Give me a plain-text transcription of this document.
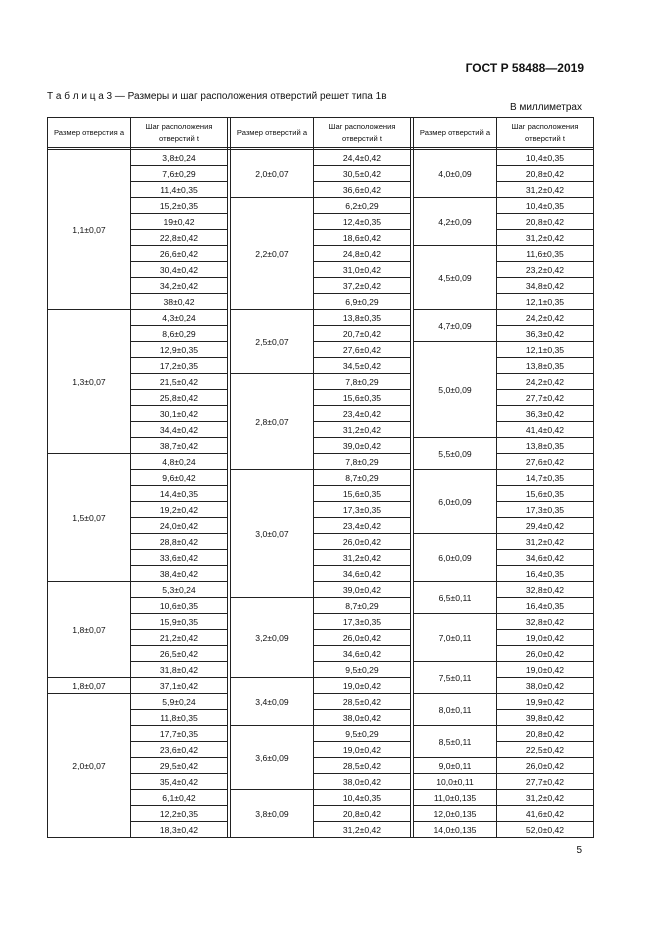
ГОСТ Р 58488—2019
Т а б л и ц а 3 — Размеры и шаг расположения отверстий решет типа 1в
В миллиметрах
Размер отверстия a	Шаг расположения отверстий t		Размер отверстий a	Шаг расположения отверстий t		Размер отверстий a	Шаг расположения отверстий t

1,1±0,07	3,8±0,24		2,0±0,07	24,4±0,42		4,0±0,09	10,4±0,35
	7,6±0,29			30,5±0,42			20,8±0,42
	11,4±0,35			36,6±0,42			31,2±0,42
	15,2±0,35		2,2±0,07	6,2±0,29		4,2±0,09	10,4±0,35
	19±0,42			12,4±0,35			20,8±0,42
	22,8±0,42			18,6±0,42			31,2±0,42
	26,6±0,42			24,8±0,42		4,5±0,09	11,6±0,35
	30,4±0,42			31,0±0,42			23,2±0,42
	34,2±0,42			37,2±0,42			34,8±0,42
	38±0,42			6,9±0,29			12,1±0,35
1,3±0,07	4,3±0,24		2,5±0,07	13,8±0,35		4,7±0,09	24,2±0,42
	8,6±0,29			20,7±0,42			36,3±0,42
	12,9±0,35			27,6±0,42		5,0±0,09	12,1±0,35
	17,2±0,35			34,5±0,42			13,8±0,35
	21,5±0,42		2,8±0,07	7,8±0,29			24,2±0,42
	25,8±0,42			15,6±0,35			27,7±0,42
	30,1±0,42			23,4±0,42			36,3±0,42
	34,4±0,42			31,2±0,42			41,4±0,42
	38,7±0,42			39,0±0,42		5,5±0,09	13,8±0,35
1,5±0,07	4,8±0,24			7,8±0,29			27,6±0,42
	9,6±0,42		3,0±0,07	8,7±0,29		6,0±0,09	14,7±0,35
	14,4±0,35			15,6±0,35			15,6±0,35
	19,2±0,42			17,3±0,35			17,3±0,35
	24,0±0,42			23,4±0,42			29,4±0,42
	28,8±0,42			26,0±0,42		6,0±0,09	31,2±0,42
	33,6±0,42			31,2±0,42			34,6±0,42
	38,4±0,42			34,6±0,42			16,4±0,35
1,8±0,07	5,3±0,24			39,0±0,42		6,5±0,11	32,8±0,42
	10,6±0,35		3,2±0,09	8,7±0,29			16,4±0,35
	15,9±0,35			17,3±0,35		7,0±0,11	32,8±0,42
	21,2±0,42			26,0±0,42			19,0±0,42
	26,5±0,42			34,6±0,42			26,0±0,42
	31,8±0,42			9,5±0,29		7,5±0,11	19,0±0,42
1,8±0,07	37,1±0,42		3,4±0,09	19,0±0,42			38,0±0,42
2,0±0,07	5,9±0,24			28,5±0,42		8,0±0,11	19,9±0,42
	11,8±0,35			38,0±0,42			39,8±0,42
	17,7±0,35		3,6±0,09	9,5±0,29		8,5±0,11	20,8±0,42
	23,6±0,42			19,0±0,42			22,5±0,42
	29,5±0,42			28,5±0,42		9,0±0,11	26,0±0,42
	35,4±0,42			38,0±0,42		10,0±0,11	27,7±0,42
	6,1±0,42		3,8±0,09	10,4±0,35		11,0±0,135	31,2±0,42
	12,2±0,35			20,8±0,42		12,0±0,135	41,6±0,42
	18,3±0,42			31,2±0,42		14,0±0,135	52,0±0,42
5
